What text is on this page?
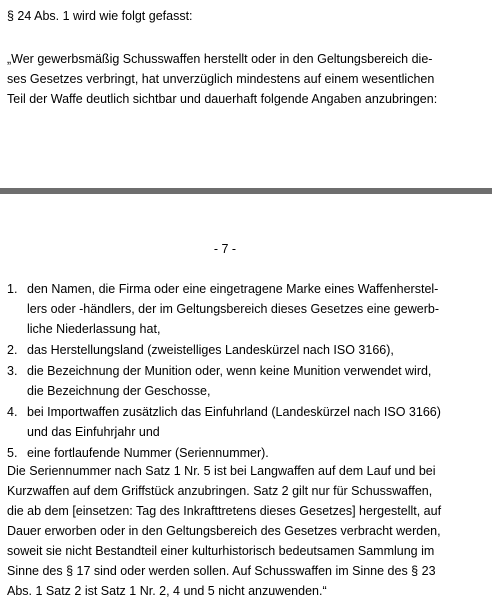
§ 24 Abs. 1 wird wie folgt gefasst:
„Wer gewerbsmäßig Schusswaffen herstellt oder in den Geltungsbereich die-
ses Gesetzes verbringt, hat unverzüglich mindestens auf einem wesentlichen
Teil der Waffe deutlich sichtbar und dauerhaft folgende Angaben anzubringen:
- 7 -
1. den Namen, die Firma oder eine eingetragene Marke eines Waffenherstel-
lers oder -händlers, der im Geltungsbereich dieses Gesetzes eine gewerb-
liche Niederlassung hat,
2. das Herstellungsland (zweistelliges Landeskürzel nach ISO 3166),
3. die Bezeichnung der Munition oder, wenn keine Munition verwendet wird,
die Bezeichnung der Geschosse,
4. bei Importwaffen zusätzlich das Einfuhrland (Landeskürzel nach ISO 3166)
und das Einfuhrjahr und
5. eine fortlaufende Nummer (Seriennummer).
Die Seriennummer nach Satz 1 Nr. 5 ist bei Langwaffen auf dem Lauf und bei
Kurzwaffen auf dem Griffstück anzubringen. Satz 2 gilt nur für Schusswaffen,
die ab dem [einsetzen: Tag des Inkrafttretens dieses Gesetzes] hergestellt, auf
Dauer erworben oder in den Geltungsbereich des Gesetzes verbracht werden,
soweit sie nicht Bestandteil einer kulturhistorisch bedeutsamen Sammlung im
Sinne des § 17 sind oder werden sollen. Auf Schusswaffen im Sinne des § 23
Abs. 1 Satz 2 ist Satz 1 Nr. 2, 4 und 5 nicht anzuwenden.“
